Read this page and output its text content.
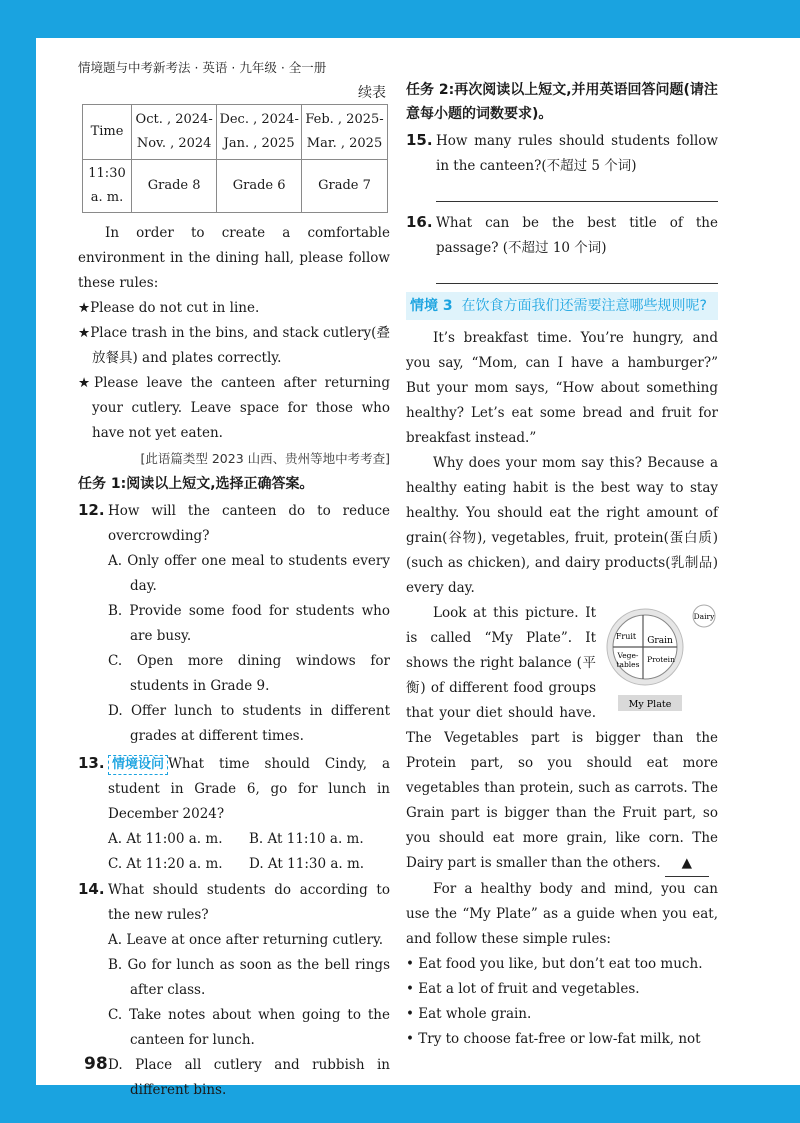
情境题与中考新考法 · 英语 · 九年级 · 全一册
续表
Time	Oct. , 2024-Nov. , 2024	Dec. , 2024-Jan. , 2025	Feb. , 2025-Mar. , 2025
11:30 a. m.	Grade 8	Grade 6	Grade 7

In order to create a comfortable environment in the dining hall, please follow these rules:

★Please do not cut in line.

★Place trash in the bins, and stack cutlery(叠放餐具) and plates correctly.

★Please leave the canteen after returning your cutlery. Leave space for those who have not yet eaten.

[此语篇类型 2023 山西、贵州等地中考考查]
任务 1:阅读以上短文,选择正确答案。

12. How will the canteen do to reduce overcrowding?

A. Only offer one meal to students every day.

B. Provide some food for students who are busy.

C. Open more dining windows for students in Grade 9.

D. Offer lunch to students in different grades at different times.

13. 情境设问 What time should Cindy, a student in Grade 6, go for lunch in December 2024?

A. At 11:00 a. m.	B. At 11:10 a. m.
C. At 11:20 a. m.	D. At 11:30 a. m.

14. What should students do according to the new rules?

A. Leave at once after returning cutlery.

B. Go for lunch as soon as the bell rings after class.

C. Take notes about when going to the canteen for lunch.

D. Place all cutlery and rubbish in different bins.

任务 2:再次阅读以上短文,并用英语回答问题(请注意每小题的词数要求)。

15. How many rules should students follow in the canteen?(不超过 5 个词)

16. What can be the best title of the passage? (不超过 10 个词)

情境 3 在饮食方面我们还需要注意哪些规则呢?

It’s breakfast time. You’re hungry, and you say, “Mom, can I have a hamburger?” But your mom says, “How about something healthy? Let’s eat some bread and fruit for breakfast instead.”

Why does your mom say this? Because a healthy eating habit is the best way to stay healthy. You should eat the right amount of grain(谷物), vegetables, fruit, protein(蛋白质) (such as chicken), and dairy products(乳制品) every day.

Fruit Grain
Vege-
tables
Protein
Dairy
My Plate

Look at this picture. It is called “My Plate”. It shows the right balance (平衡) of different food groups that your diet should have. The Vegetables part is bigger than the Protein part, so you should eat more vegetables than protein, such as carrots. The Grain part is bigger than the Fruit part, so you should eat more grain, like corn. The Dairy part is smaller than the others. ▲

For a healthy body and mind, you can use the “My Plate” as a guide when you eat, and follow these simple rules:

• Eat food you like, but don’t eat too much.

• Eat a lot of fruit and vegetables.

• Eat whole grain.

• Try to choose fat-free or low-fat milk, not

98
